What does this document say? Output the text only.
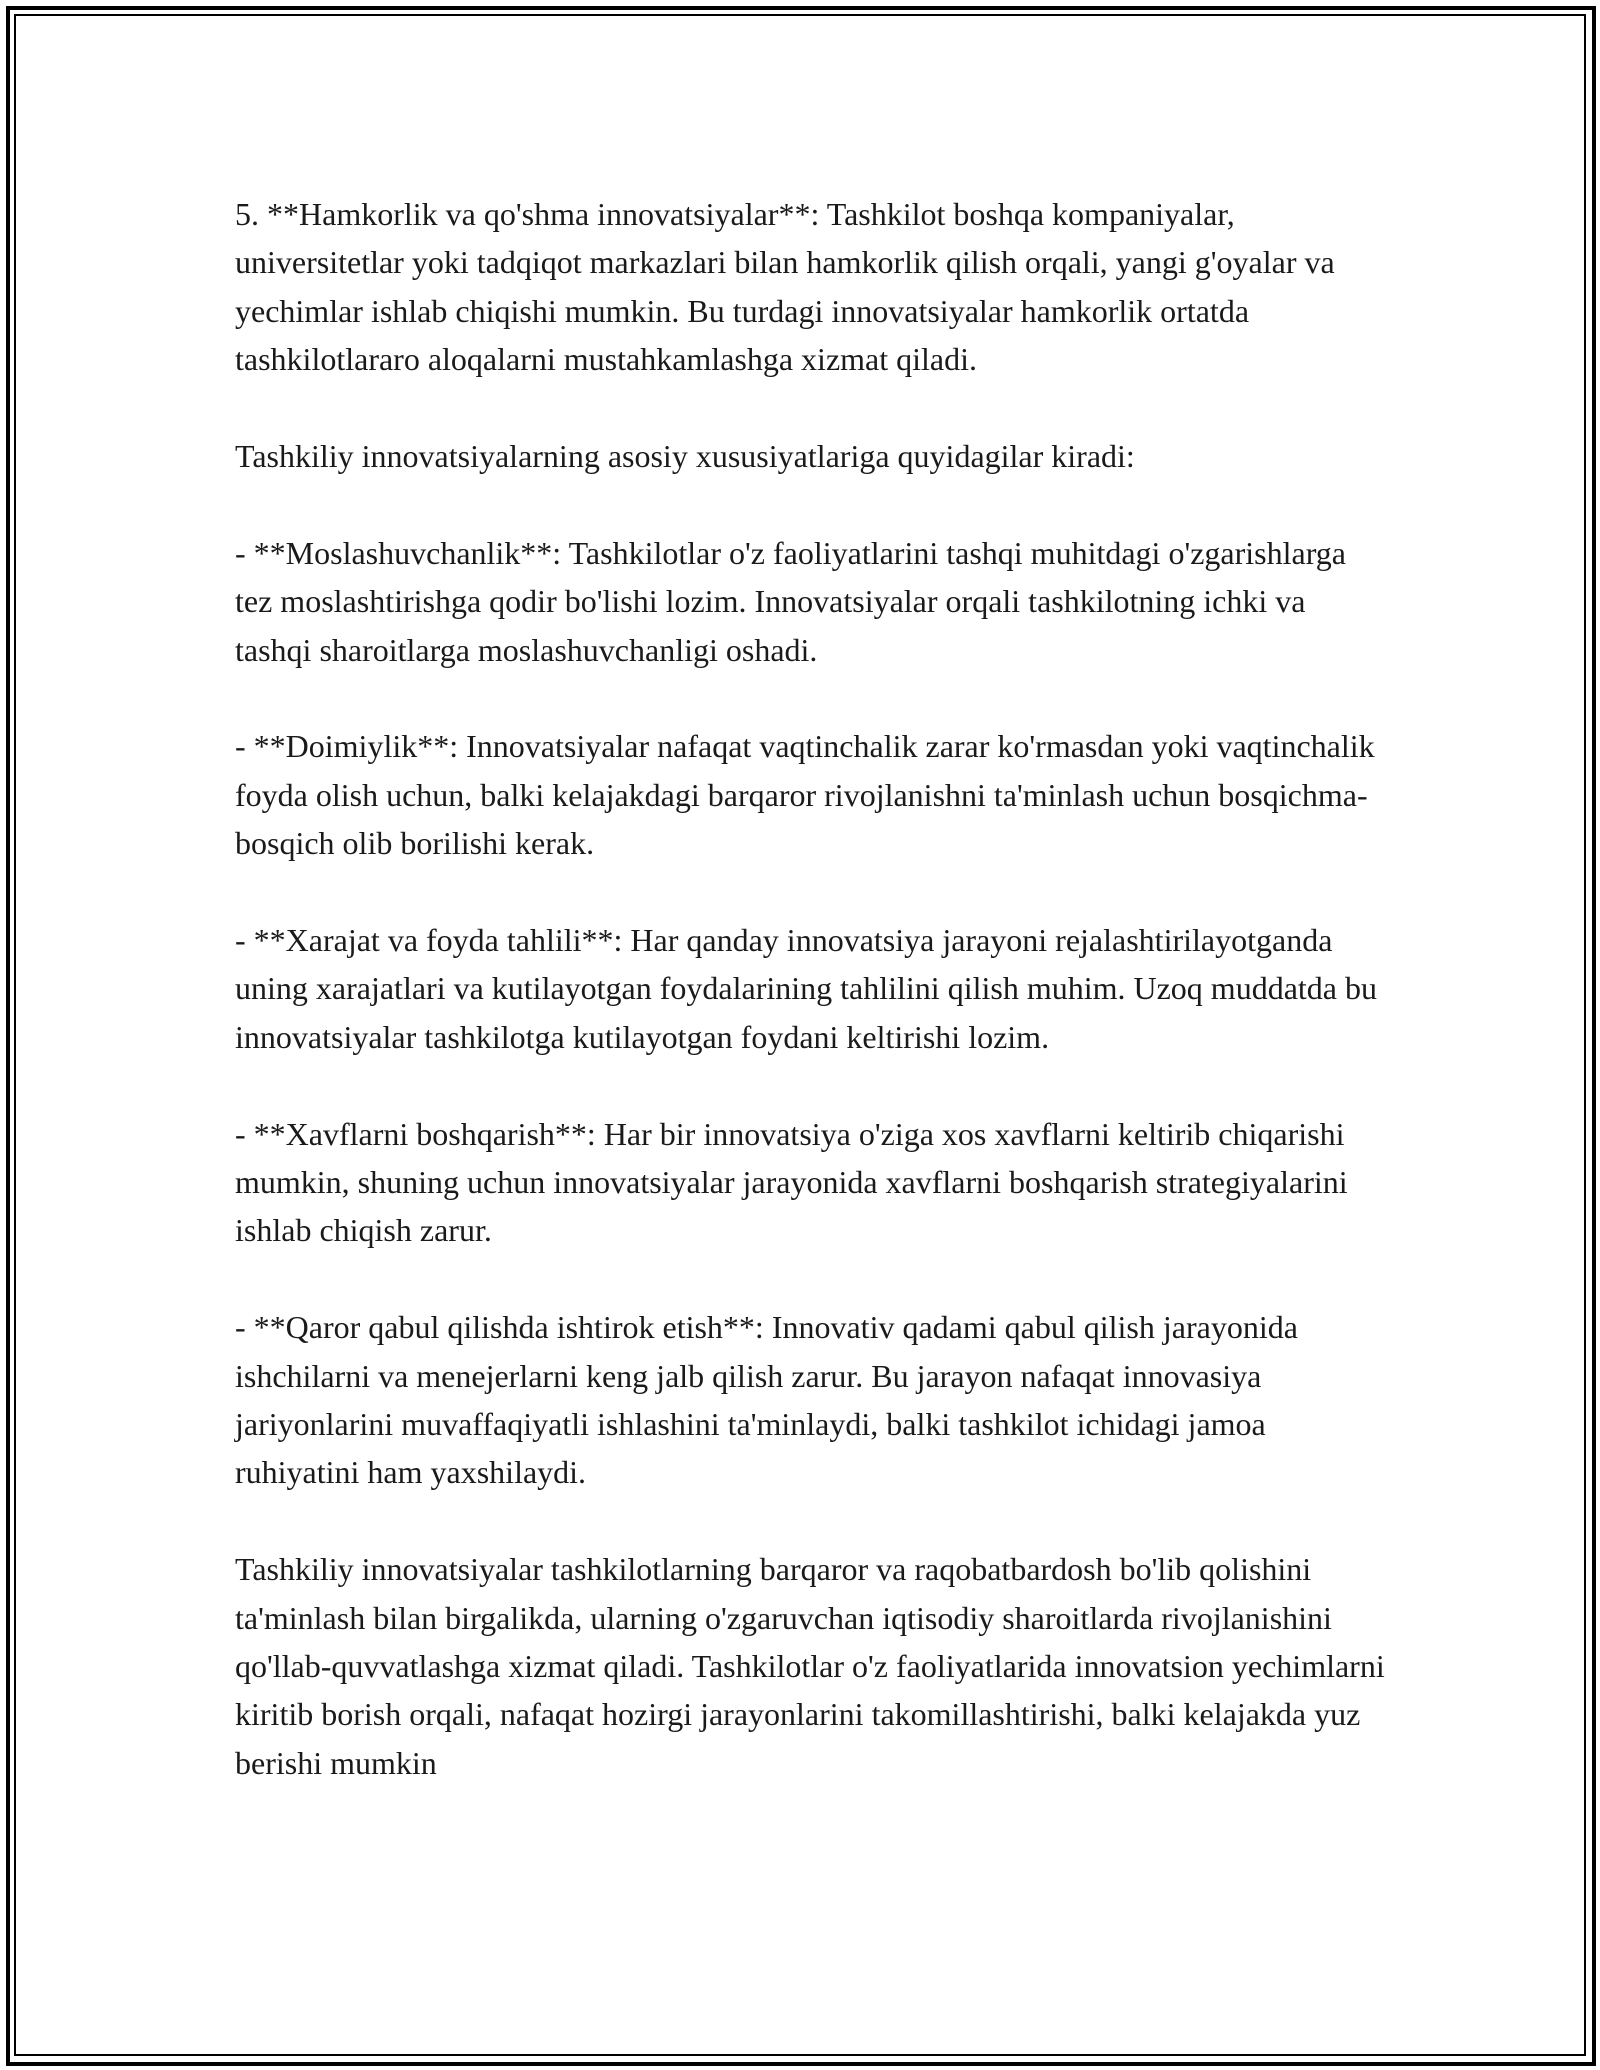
5. **Hamkorlik va qo'shma innovatsiyalar**: Tashkilot boshqa kompaniyalar, universitetlar yoki tadqiqot markazlari bilan hamkorlik qilish orqali, yangi g'oyalar va yechimlar ishlab chiqishi mumkin. Bu turdagi innovatsiyalar hamkorlik ortatda tashkilotlararo aloqalarni mustahkamlashga xizmat qiladi.

Tashkiliy innovatsiyalarning asosiy xususiyatlariga quyidagilar kiradi:

- **Moslashuvchanlik**: Tashkilotlar o'z faoliyatlarini tashqi muhitdagi o'zgarishlarga tez moslashtirishga qodir bo'lishi lozim. Innovatsiyalar orqali tashkilotning ichki va tashqi sharoitlarga moslashuvchanligi oshadi.

- **Doimiylik**: Innovatsiyalar nafaqat vaqtinchalik zarar ko'rmasdan yoki vaqtinchalik foyda olish uchun, balki kelajakdagi barqaror rivojlanishni ta'minlash uchun bosqichma-bosqich olib borilishi kerak.

- **Xarajat va foyda tahlili**: Har qanday innovatsiya jarayoni rejalashtirilayotganda uning xarajatlari va kutilayotgan foydalarining tahlilini qilish muhim. Uzoq muddatda bu innovatsiyalar tashkilotga kutilayotgan foydani keltirishi lozim.

- **Xavflarni boshqarish**: Har bir innovatsiya o'ziga xos xavflarni keltirib chiqarishi mumkin, shuning uchun innovatsiyalar jarayonida xavflarni boshqarish strategiyalarini ishlab chiqish zarur.

- **Qaror qabul qilishda ishtirok etish**: Innovativ qadami qabul qilish jarayonida ishchilarni va menejerlarni keng jalb qilish zarur. Bu jarayon nafaqat innovasiya jariyonlarini muvaffaqiyatli ishlashini ta'minlaydi, balki tashkilot ichidagi jamoa ruhiyatini ham yaxshilaydi.

Tashkiliy innovatsiyalar tashkilotlarning barqaror va raqobatbardosh bo'lib qolishini ta'minlash bilan birgalikda, ularning o'zgaruvchan iqtisodiy sharoitlarda rivojlanishini qo'llab-quvvatlashga xizmat qiladi. Tashkilotlar o'z faoliyatlarida innovatsion yechimlarni kiritib borish orqali, nafaqat hozirgi jarayonlarini takomillashtirishi, balki kelajakda yuz berishi mumkin
